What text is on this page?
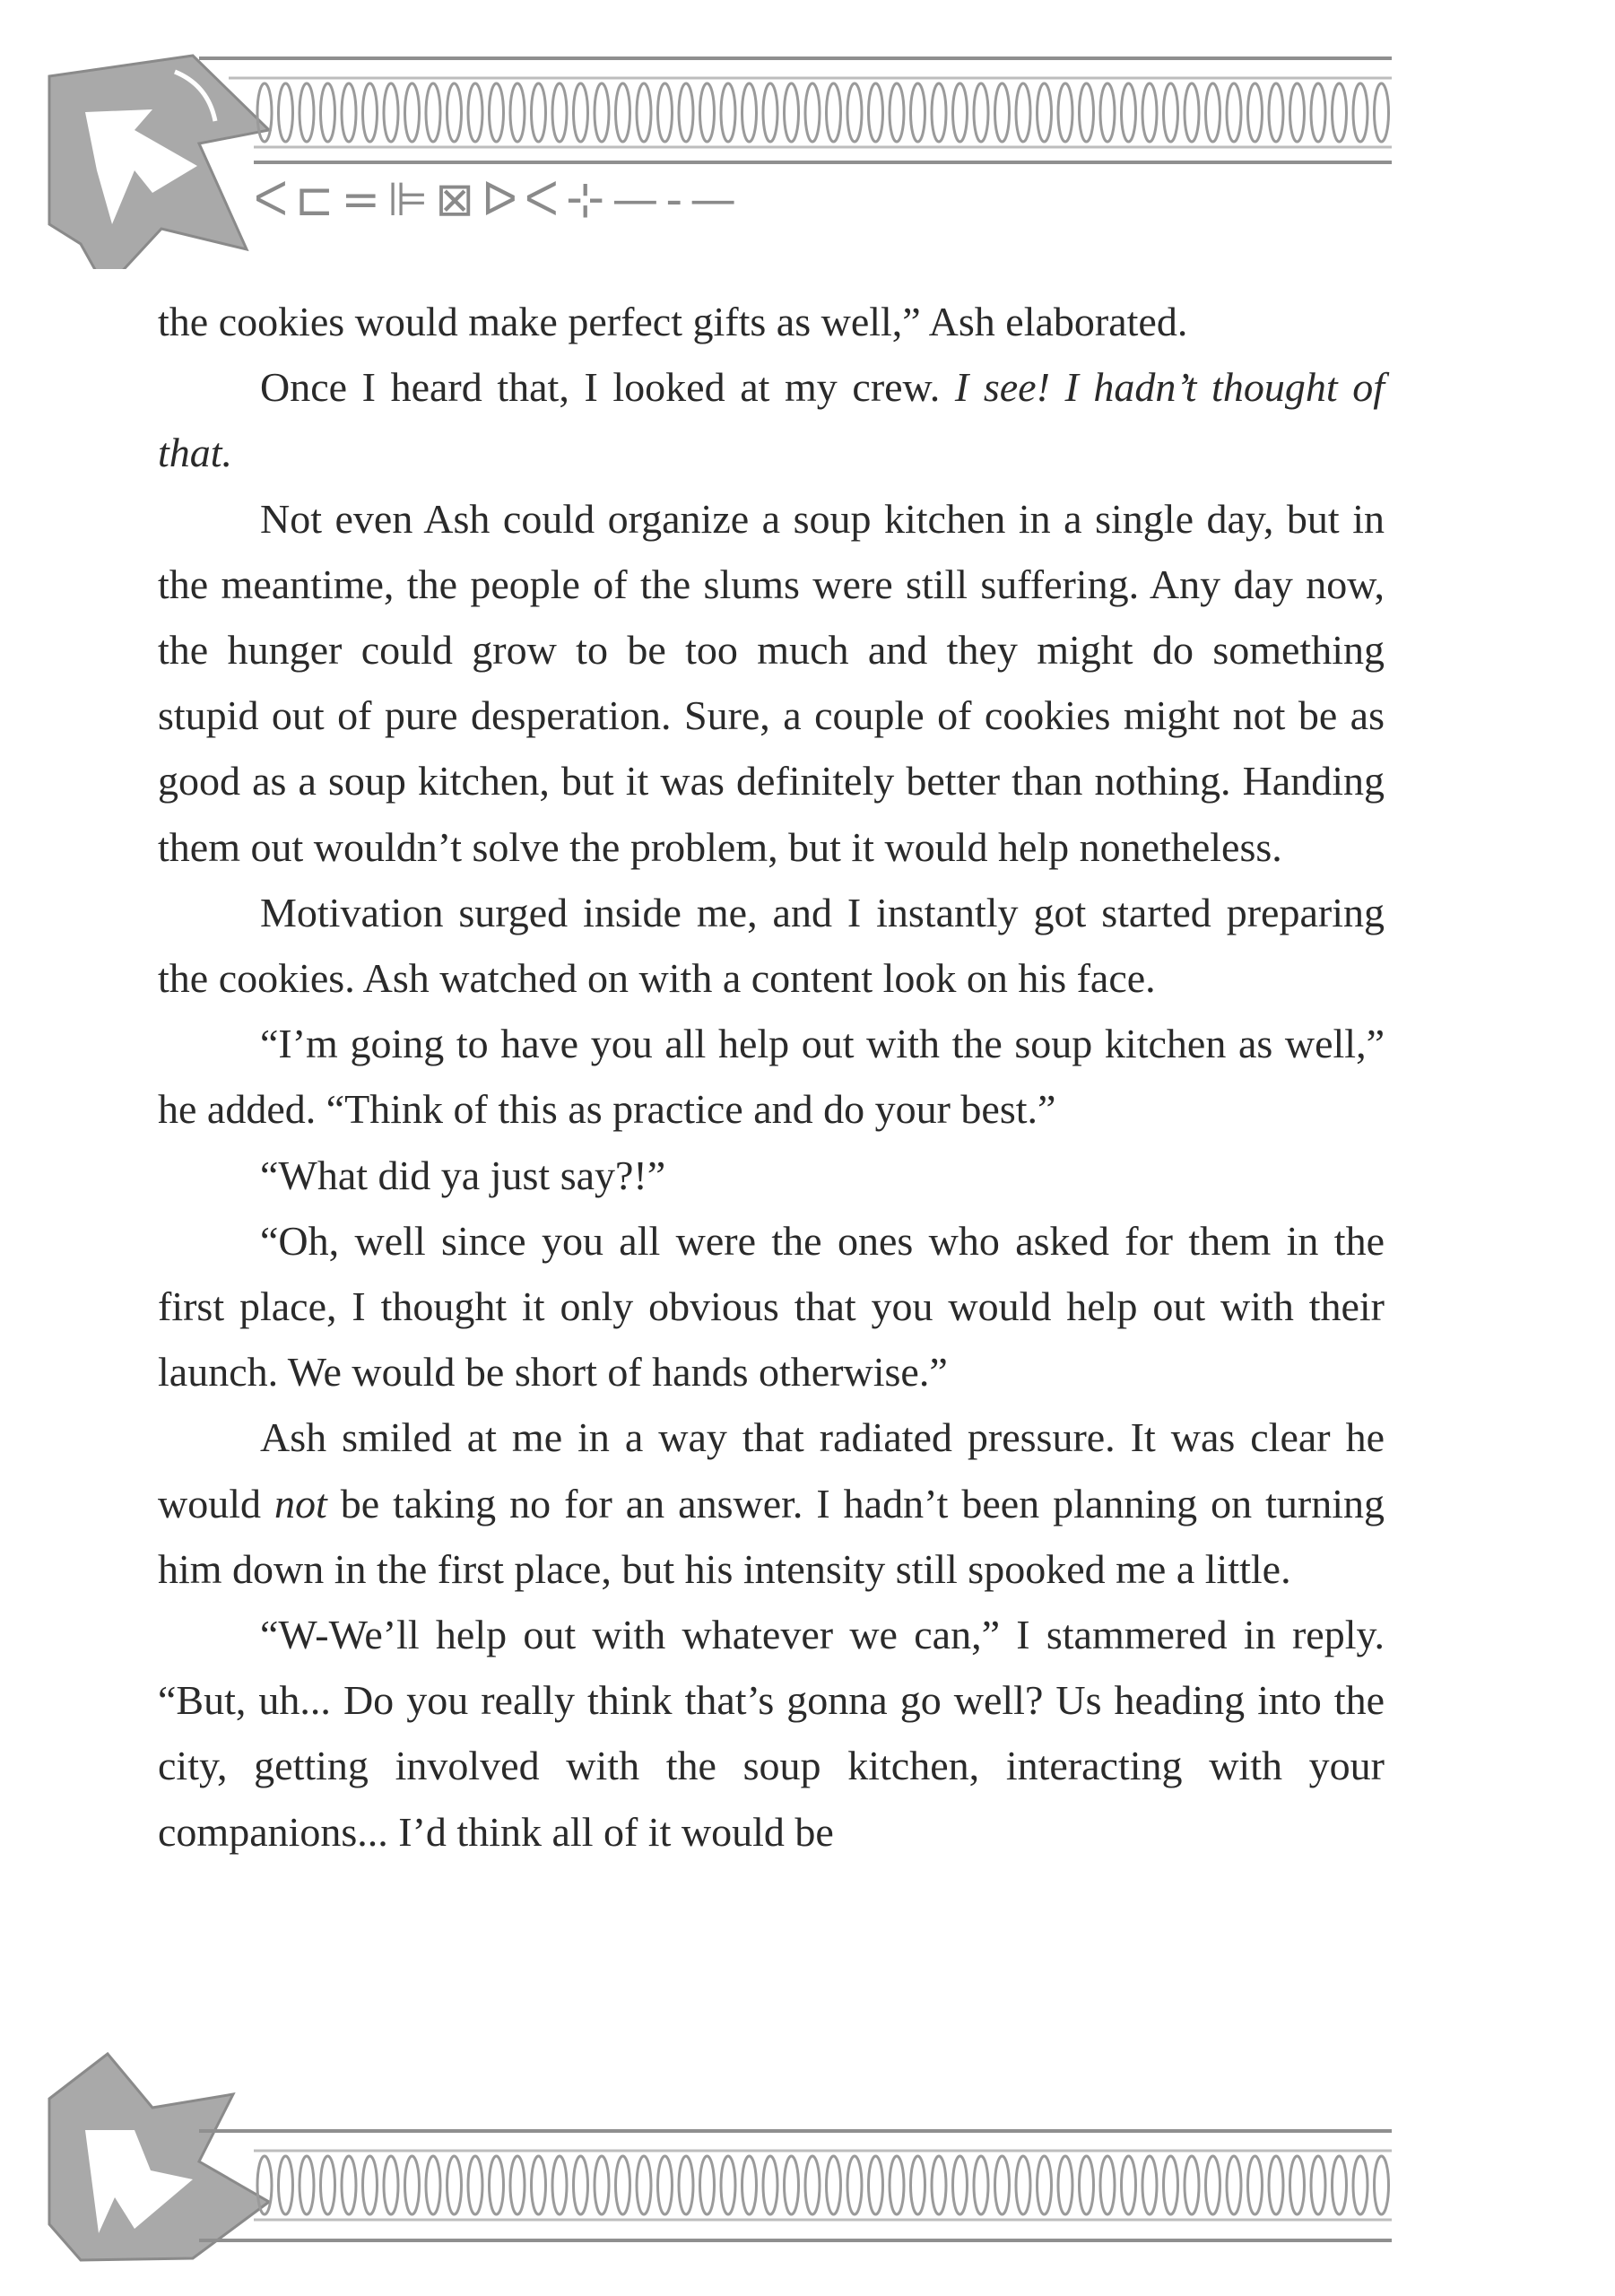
ᐸ⊏=⊫⊠ᐅᐸ⊹—-—

the cookies would make perfect gifts as well,” Ash elaborated.

Once I heard that, I looked at my crew. I see! I hadn’t thought of that.

Not even Ash could organize a soup kitchen in a single day, but in the meantime, the people of the slums were still suffering. Any day now, the hunger could grow to be too much and they might do something stupid out of pure desperation. Sure, a couple of cookies might not be as good as a soup kitchen, but it was definitely better than nothing. Handing them out wouldn’t solve the problem, but it would help nonetheless.

Motivation surged inside me, and I instantly got started preparing the cookies. Ash watched on with a content look on his face.

“I’m going to have you all help out with the soup kitchen as well,” he added. “Think of this as practice and do your best.”

“What did ya just say?!”

“Oh, well since you all were the ones who asked for them in the first place, I thought it only obvious that you would help out with their launch. We would be short of hands otherwise.”

Ash smiled at me in a way that radiated pressure. It was clear he would not be taking no for an answer. I hadn’t been planning on turning him down in the first place, but his intensity still spooked me a little.

“W-We’ll help out with whatever we can,” I stammered in reply. “But, uh... Do you really think that’s gonna go well? Us heading into the city, getting involved with the soup kitchen, interacting with your companions... I’d think all of it would be
